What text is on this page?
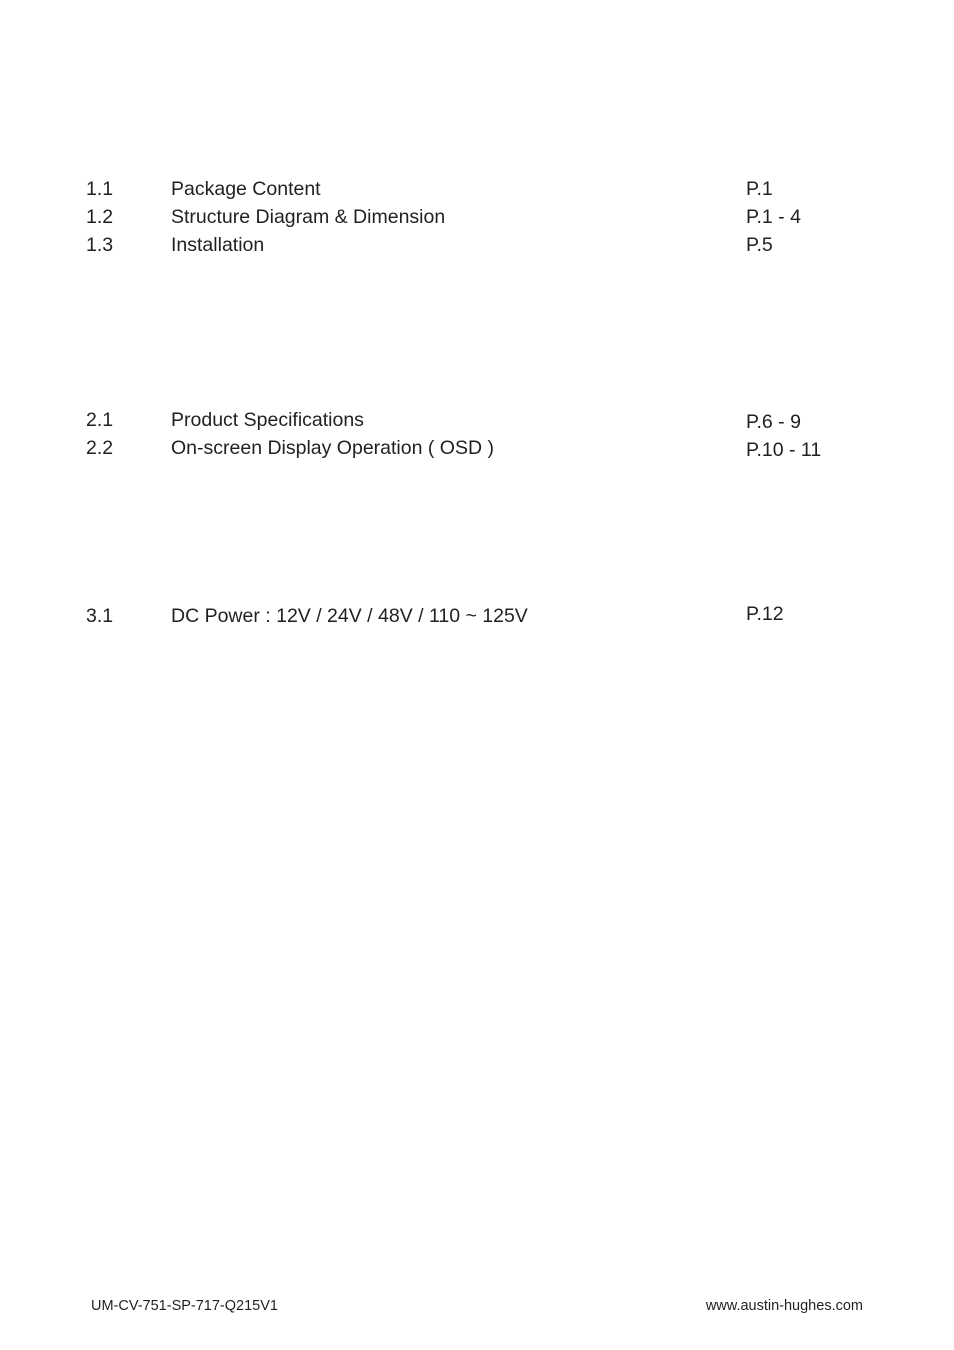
1.1	Package Content	P.1
1.2	Structure Diagram & Dimension	P.1 - 4
1.3	Installation	P.5
2.1	Product Specifications	P.6 - 9
2.2	On-screen Display Operation ( OSD )	P.10 - 11
3.1	DC Power : 12V / 24V / 48V / 110 ~ 125V	P.12
UM-CV-751-SP-717-Q215V1	www.austin-hughes.com
